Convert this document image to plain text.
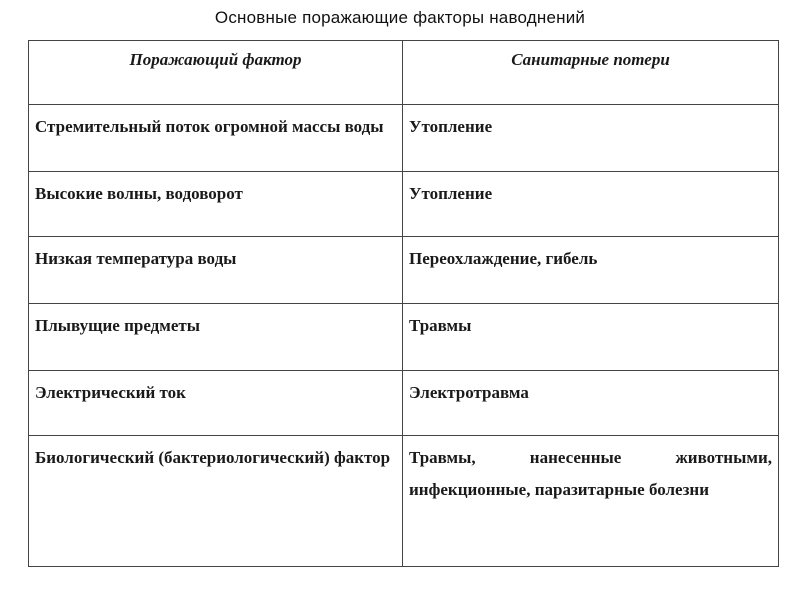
Основные поражающие факторы наводнений
Поражающий фактор	Санитарные потери
Стремительный поток огромной массы воды	Утопление
Высокие волны, водоворот	Утопление
Низкая температура воды	Переохлаждение, гибель
Плывущие предметы	Травмы
Электрический ток	Электротравма
Биологический (бактериологический) фактор	Травмы, нанесенные животными, инфекционные, паразитарные болезни
